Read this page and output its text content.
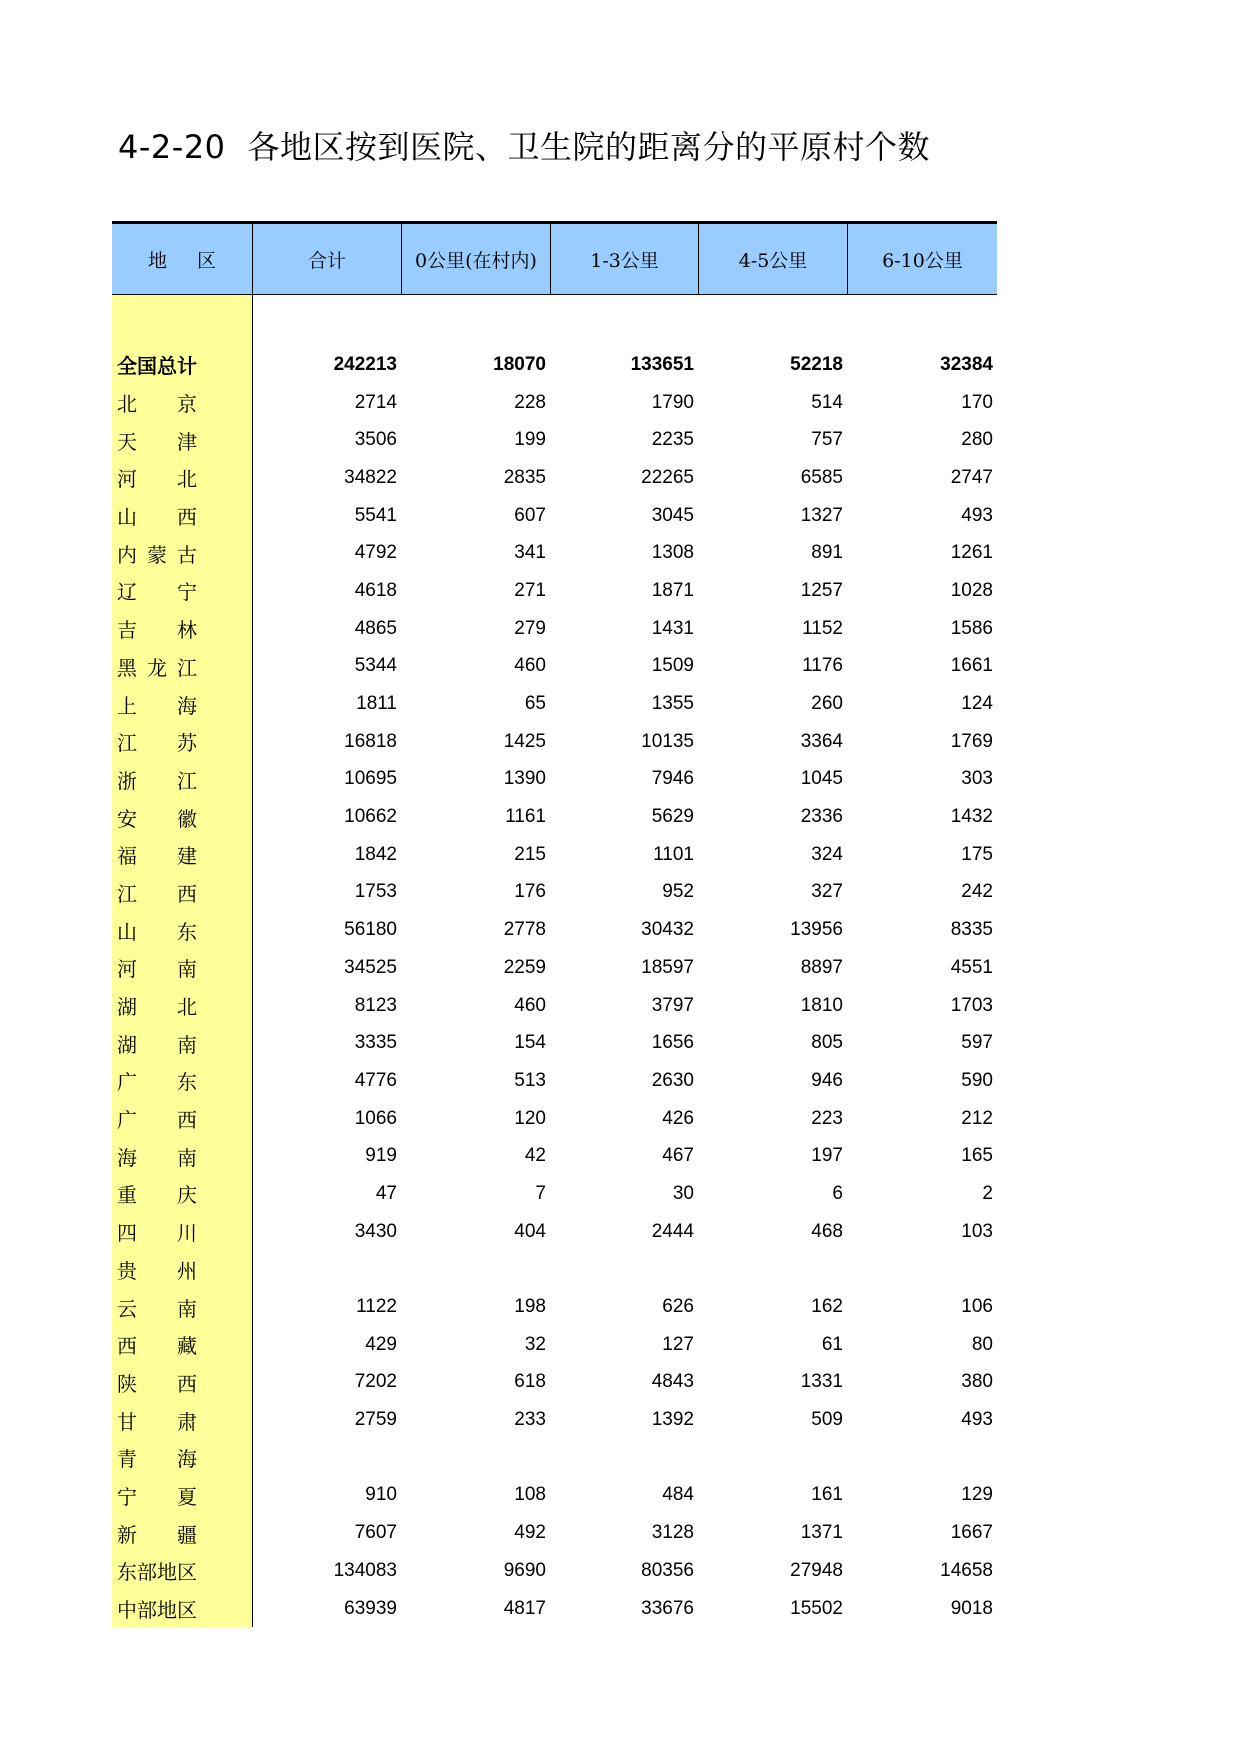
4-2-20 各地区按到医院、卫生院的距离分的平原村个数
地区	合计	0公里(在村内)	1-3公里	4-5公里	6-10公里
全国总计	242213	18070	133651	52218	32384
北 京	2714	228	1790	514	170
天 津	3506	199	2235	757	280
河 北	34822	2835	22265	6585	2747
山 西	5541	607	3045	1327	493
内 蒙 古	4792	341	1308	891	1261
辽 宁	4618	271	1871	1257	1028
吉 林	4865	279	1431	1152	1586
黑 龙 江	5344	460	1509	1176	1661
上 海	1811	65	1355	260	124
江 苏	16818	1425	10135	3364	1769
浙 江	10695	1390	7946	1045	303
安 徽	10662	1161	5629	2336	1432
福 建	1842	215	1101	324	175
江 西	1753	176	952	327	242
山 东	56180	2778	30432	13956	8335
河 南	34525	2259	18597	8897	4551
湖 北	8123	460	3797	1810	1703
湖 南	3335	154	1656	805	597
广 东	4776	513	2630	946	590
广 西	1066	120	426	223	212
海 南	919	42	467	197	165
重 庆	47	7	30	6	2
四 川	3430	404	2444	468	103
贵 州
云 南	1122	198	626	162	106
西 藏	429	32	127	61	80
陕 西	7202	618	4843	1331	380
甘 肃	2759	233	1392	509	493
青 海
宁 夏	910	108	484	161	129
新 疆	7607	492	3128	1371	1667
东部地区	134083	9690	80356	27948	14658
中部地区	63939	4817	33676	15502	9018
